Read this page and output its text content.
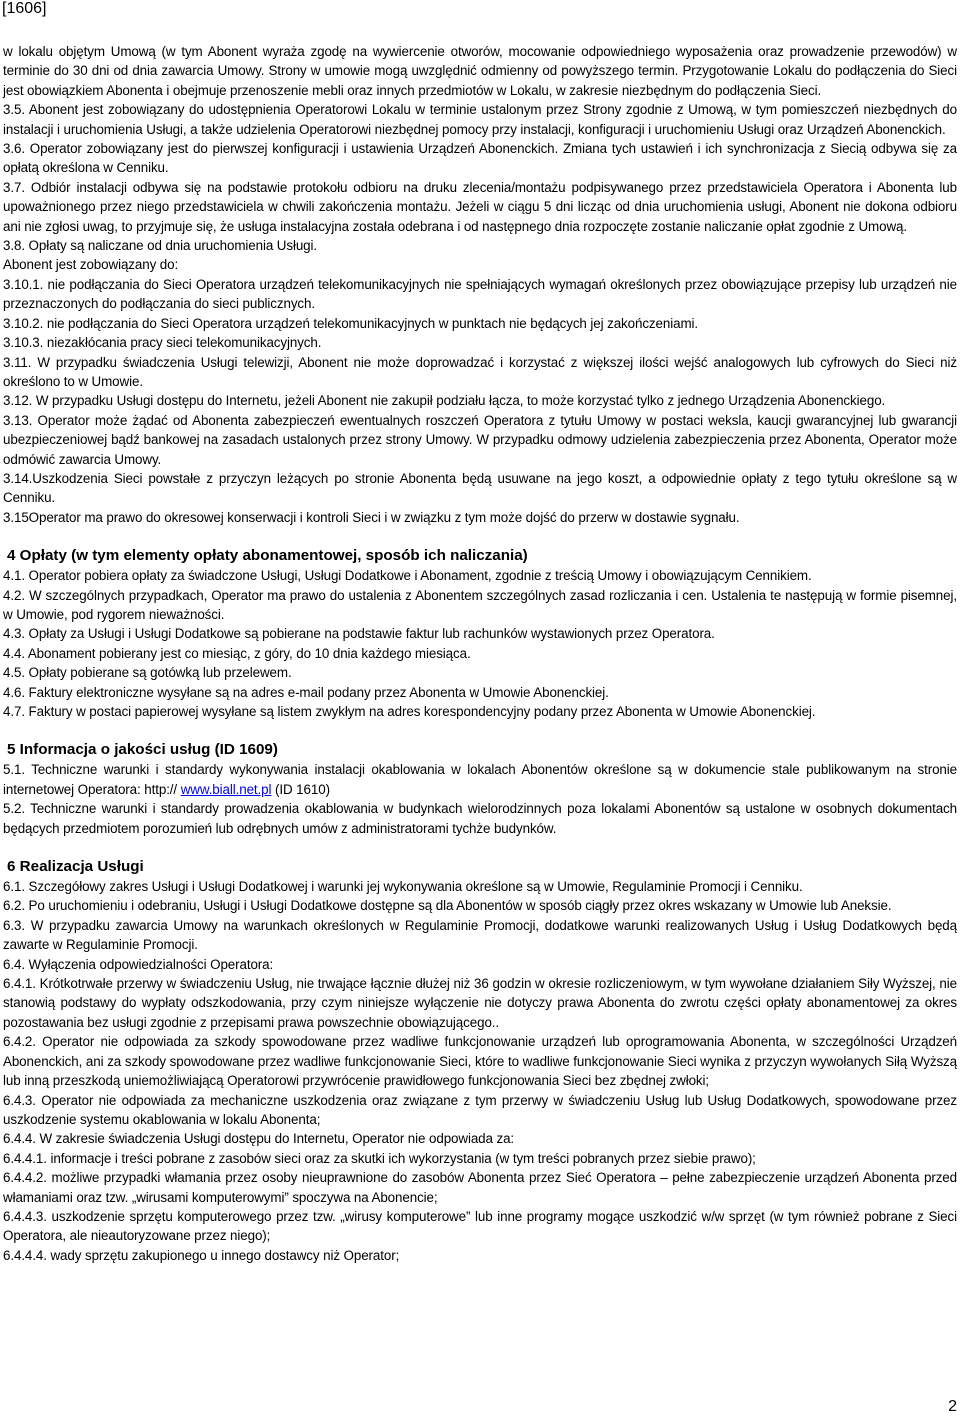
[1606]

w lokalu objętym Umową (w tym Abonent wyraża zgodę na wywiercenie otworów, mocowanie odpowiedniego wyposażenia oraz prowadzenie przewodów) w terminie do 30 dni od dnia zawarcia Umowy. Strony w umowie mogą uwzględnić odmienny od powyższego termin. Przygotowanie Lokalu do podłączenia do Sieci jest obowiązkiem Abonenta i obejmuje przenoszenie mebli oraz innych przedmiotów w Lokalu, w zakresie niezbędnym do podłączenia Sieci.

3.5. Abonent jest zobowiązany do udostępnienia Operatorowi Lokalu w terminie ustalonym przez Strony zgodnie z Umową, w tym pomieszczeń niezbędnych do instalacji i uruchomienia Usługi, a także udzielenia Operatorowi niezbędnej pomocy przy instalacji, konfiguracji i uruchomieniu Usługi oraz Urządzeń Abonenckich.

3.6. Operator zobowiązany jest do pierwszej konfiguracji i ustawienia Urządzeń Abonenckich. Zmiana tych ustawień i ich synchronizacja z Siecią odbywa się za opłatą określona w Cenniku.

3.7. Odbiór instalacji odbywa się na podstawie protokołu odbioru na druku zlecenia/montażu podpisywanego przez przedstawiciela Operatora i Abonenta lub upoważnionego przez niego przedstawiciela w chwili zakończenia montażu. Jeżeli w ciągu 5 dni licząc od dnia uruchomienia usługi, Abonent nie dokona odbioru ani nie zgłosi uwag, to przyjmuje się, że usługa instalacyjna została odebrana i od następnego dnia rozpoczęte zostanie naliczanie opłat zgodnie z Umową.

3.8. Opłaty są naliczane od dnia uruchomienia Usługi.

Abonent jest zobowiązany do:

3.10.1. nie podłączania do Sieci Operatora urządzeń telekomunikacyjnych nie spełniających wymagań określonych przez obowiązujące przepisy lub urządzeń nie przeznaczonych do podłączania do sieci publicznych.

3.10.2. nie podłączania do Sieci Operatora urządzeń telekomunikacyjnych w punktach nie będących jej zakończeniami.

3.10.3. niezakłócania pracy sieci telekomunikacyjnych.

3.11. W przypadku świadczenia Usługi telewizji, Abonent nie może doprowadzać i korzystać z większej ilości wejść analogowych lub cyfrowych do Sieci niż określono to w Umowie.

3.12. W przypadku Usługi dostępu do Internetu, jeżeli Abonent nie zakupił podziału łącza, to może korzystać tylko z jednego Urządzenia Abonenckiego.

3.13. Operator może żądać od Abonenta zabezpieczeń ewentualnych roszczeń Operatora z tytułu Umowy w postaci weksla, kaucji gwarancyjnej lub gwarancji ubezpieczeniowej bądź bankowej na zasadach ustalonych przez strony Umowy. W przypadku odmowy udzielenia zabezpieczenia przez Abonenta, Operator może odmówić zawarcia Umowy.

3.14.Uszkodzenia Sieci powstałe z przyczyn leżących po stronie Abonenta będą usuwane na jego koszt, a odpowiednie opłaty z tego tytułu określone są w Cenniku.

3.15Operator ma prawo do okresowej konserwacji i kontroli Sieci i w związku z tym może dojść do przerw w dostawie sygnału.

4 Opłaty (w tym elementy opłaty abonamentowej, sposób ich naliczania)

4.1. Operator pobiera opłaty za świadczone Usługi, Usługi Dodatkowe i Abonament, zgodnie z treścią Umowy i obowiązującym Cennikiem.

4.2. W szczególnych przypadkach, Operator ma prawo do ustalenia z Abonentem szczególnych zasad rozliczania i cen. Ustalenia te następują w formie pisemnej, w Umowie, pod rygorem nieważności.

4.3. Opłaty za Usługi i Usługi Dodatkowe są pobierane na podstawie faktur lub rachunków wystawionych przez Operatora.

4.4. Abonament pobierany jest co miesiąc, z góry, do 10 dnia każdego miesiąca.

4.5. Opłaty pobierane są gotówką lub przelewem.

4.6. Faktury elektroniczne wysyłane są na adres e-mail podany przez Abonenta w Umowie Abonenckiej.

4.7. Faktury w postaci papierowej wysyłane są listem zwykłym na adres korespondencyjny podany przez Abonenta w Umowie Abonenckiej.

5 Informacja o jakości usług (ID 1609)

5.1. Techniczne warunki i standardy wykonywania instalacji okablowania w lokalach Abonentów określone są w dokumencie stale publikowanym na stronie internetowej Operatora: http:// www.biall.net.pl (ID 1610)

5.2. Techniczne warunki i standardy prowadzenia okablowania w budynkach wielorodzinnych poza lokalami Abonentów są ustalone w osobnych dokumentach będących przedmiotem porozumień lub odrębnych umów z administratorami tychże budynków.

6 Realizacja Usługi

6.1. Szczegółowy zakres Usługi i Usługi Dodatkowej i warunki jej wykonywania określone są w Umowie, Regulaminie Promocji i Cenniku.

6.2. Po uruchomieniu i odebraniu, Usługi i Usługi Dodatkowe dostępne są dla Abonentów w sposób ciągły przez okres wskazany w Umowie lub Aneksie.

6.3. W przypadku zawarcia Umowy na warunkach określonych w Regulaminie Promocji, dodatkowe warunki realizowanych Usług i Usług Dodatkowych będą zawarte w Regulaminie Promocji.

6.4. Wyłączenia odpowiedzialności Operatora:

6.4.1. Krótkotrwałe przerwy w świadczeniu Usług, nie trwające łącznie dłużej niż 36 godzin w okresie rozliczeniowym, w tym wywołane działaniem Siły Wyższej, nie stanowią podstawy do wypłaty odszkodowania, przy czym niniejsze wyłączenie nie dotyczy prawa Abonenta do zwrotu części opłaty abonamentowej za okres pozostawania bez usługi zgodnie z przepisami prawa powszechnie obowiązującego..

6.4.2. Operator nie odpowiada za szkody spowodowane przez wadliwe funkcjonowanie urządzeń lub oprogramowania Abonenta, w szczególności Urządzeń Abonenckich, ani za szkody spowodowane przez wadliwe funkcjonowanie Sieci, które to wadliwe funkcjonowanie Sieci wynika z przyczyn wywołanych Siłą Wyższą lub inną przeszkodą uniemożliwiającą Operatorowi przywrócenie prawidłowego funkcjonowania Sieci bez zbędnej zwłoki;

6.4.3. Operator nie odpowiada za mechaniczne uszkodzenia oraz związane z tym przerwy w świadczeniu Usług lub Usług Dodatkowych, spowodowane przez uszkodzenie systemu okablowania w lokalu Abonenta;

6.4.4. W zakresie świadczenia Usługi dostępu do Internetu, Operator nie odpowiada za:

6.4.4.1. informacje i treści pobrane z zasobów sieci oraz za skutki ich wykorzystania (w tym treści pobranych przez siebie prawo);

6.4.4.2. możliwe przypadki włamania przez osoby nieuprawnione do zasobów Abonenta przez Sieć Operatora – pełne zabezpieczenie urządzeń Abonenta przed włamaniami oraz tzw. „wirusami komputerowymi” spoczywa na Abonencie;

6.4.4.3. uszkodzenie sprzętu komputerowego przez tzw. „wirusy komputerowe” lub inne programy mogące uszkodzić w/w sprzęt (w tym również pobrane z Sieci Operatora, ale nieautoryzowane przez niego);

6.4.4.4. wady sprzętu zakupionego u innego dostawcy niż Operator;

2
